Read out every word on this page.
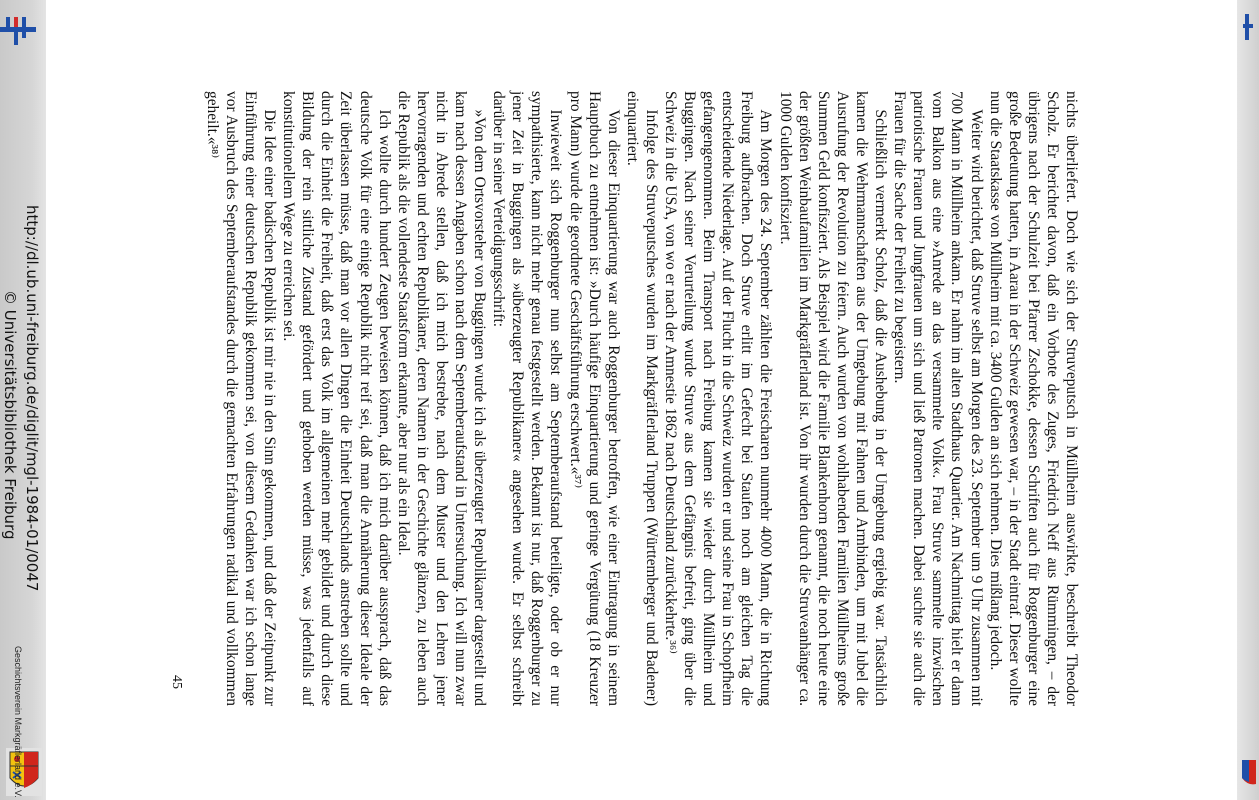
nichts überliefert. Doch wie sich der Struveputsch in Müllheim auswirkte, beschreibt Theodor Scholz. Er berichtet davon, daß ein Vorbote des Zuges, Friedrich Neff aus Rümmingen, – der übrigens nach der Schulzeit bei Pfarrer Zschokke, dessen Schriften auch für Roggenburger eine große Bedeutung hatten, in Aarau in der Schweiz gewesen war, – in der Stadt eintraf. Dieser wollte nun die Staatskasse von Müllheim mit ca. 3400 Gulden an sich nehmen. Dies mißlang jedoch.

Weiter wird berichtet, daß Struve selbst am Morgen des 23. September um 9 Uhr zusammen mit 700 Mann in Müllheim ankam. Er nahm im alten Stadthaus Quartier. Am Nachmittag hielt er dann vom Balkon aus eine »Anrede an das versammelte Volk«. Frau Struve sammelte inzwischen patriotische Frauen und Jungfrauen um sich und ließ Patronen machen. Dabei suchte sie auch die Frauen für die Sache der Freiheit zu begeistern.

Schließlich vermerkt Scholz, daß die Aushebung in der Umgebung ergiebig war. Tatsächlich kamen die Wehrmannschaften aus der Umgebung mit Fahnen und Armbinden, um mit Jubel die Ausrufung der Revolution zu feiern. Auch wurden von wohlhabenden Familien Müllheims große Summen Geld konfisziert. Als Beispiel wird die Familie Blankenhorn genannt, die noch heute eine der größten Weinbaufamilien im Markgräflerland ist. Von ihr wurden durch die Struveanhänger ca. 1000 Gulden konfisziert.

Am Morgen des 24. September zählten die Freischaren nunmehr 4000 Mann, die in Richtung Freiburg aufbrachen. Doch Struve erlitt im Gefecht bei Staufen noch am gleichen Tag die entscheidende Niederlage. Auf der Flucht in die Schweiz wurden er und seine Frau in Schopfheim gefangengenommen. Beim Transport nach Freiburg kamen sie wieder durch Müllheim und Buggingen. Nach seiner Verurteilung wurde Struve aus dem Gefängnis befreit, ging über die Schweiz in die USA, von wo er nach der Amnestie 1862 nach Deutschland zurückkehrte.³⁶⁾

Infolge des Struveputsches wurden im Markgräflerland Truppen (Württemberger und Badener) einquartiert.

Von dieser Einquartierung war auch Roggenburger betroffen, wie einer Eintragung in seinem Hauptbuch zu entnehmen ist: »Durch häufige Einquartierung und geringe Vergütung (18 Kreuzer pro Mann) wurde die geordnete Geschäftsführung erschwert.«³⁷⁾

Inwieweit sich Roggenburger nun selbst am Septemberaufstand beteiligte, oder ob er nur sympathisierte, kann nicht mehr genau festgestellt werden. Bekannt ist nur, daß Roggenburger zu jener Zeit in Buggingen als »überzeugter Republikaner« angesehen wurde. Er selbst schreibt darüber in seiner Verteidigungsschrift:

»Von dem Ortsvorsteher von Buggingen wurde ich als überzeugter Republikaner dargestellt und kam nach dessen Angaben schon nach dem Septemberaufstand in Untersuchung. Ich will nun zwar nicht in Abrede stellen, daß ich mich bestrebte, nach dem Muster und den Lehren jener hervorragenden und echten Republikaner, deren Namen in der Geschichte glänzen, zu leben auch die Republik als die vollendeste Staatsform erkannte, aber nur als ein Ideal.

Ich wollte durch hundert Zeugen beweisen können, daß ich mich darüber aussprach, daß das deutsche Volk für eine einige Republik nicht reif sei, daß man die Annäherung dieser Ideale der Zeit überlassen müsse, daß man vor allen Dingen die Einheit Deutschlands anstreben sollte und durch die Einheit die Freiheit, daß erst das Volk im allgemeinen mehr gebildet und durch diese Bildung der rein sittliche Zustand gefördert und gehoben werden müsse, was jedenfalls auf konstitutionellem Wege zu erreichen sei.

Die Idee einer badischen Republik ist mir nie in den Sinn gekommen, und daß der Zeitpunkt zur Einführung einer deutschen Republik gekommen sei, von diesem Gedanken war ich schon lange vor Ausbruch des Septemberaufstandes durch die gemachten Erfahrungen radikal und vollkommen geheilt.«³⁸⁾

45
http://dl.ub.uni-freiburg.de/diglit/mgl-1984-01/0047
© Universitätsbibliothek Freiburg
Geschichtsverein Markgräflerland e.V.
